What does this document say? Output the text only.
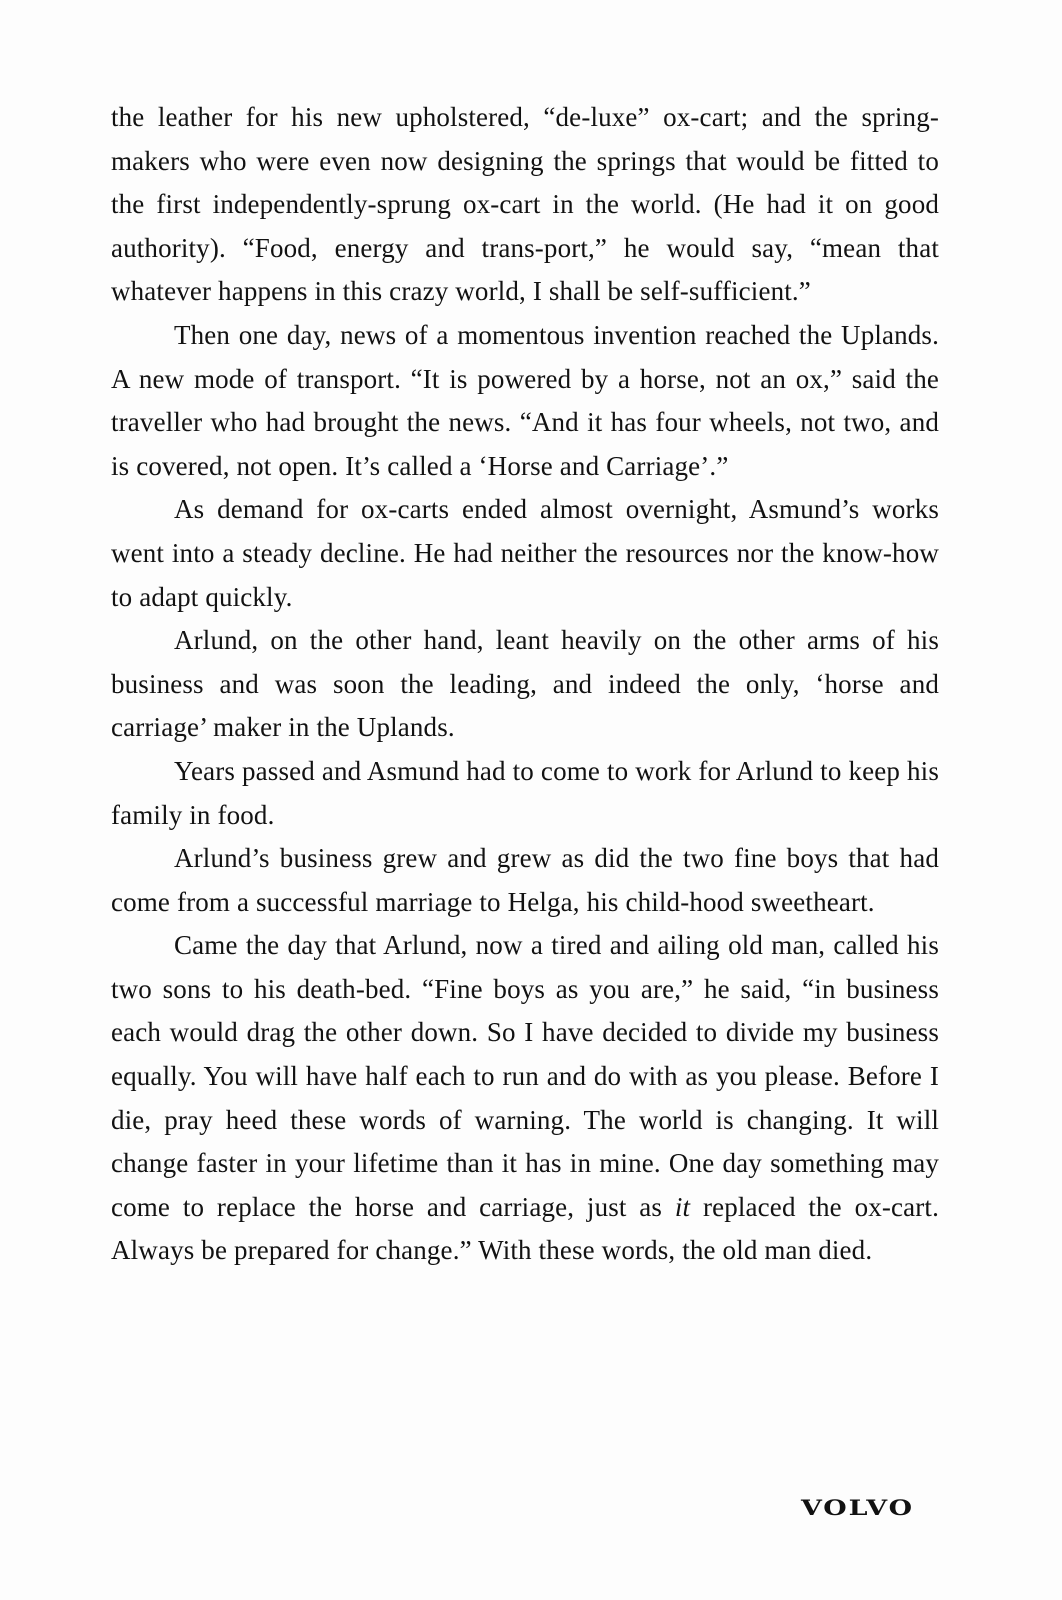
the leather for his new upholstered, “de-luxe” ox-cart; and the spring-makers who were even now designing the springs that would be fitted to the first independently-sprung ox-cart in the world. (He had it on good authority). “Food, energy and trans-port,” he would say, “mean that whatever happens in this crazy world, I shall be self-sufficient.”

Then one day, news of a momentous invention reached the Uplands. A new mode of transport. “It is powered by a horse, not an ox,” said the traveller who had brought the news. “And it has four wheels, not two, and is covered, not open. It’s called a ‘Horse and Carriage’.”

As demand for ox-carts ended almost overnight, Asmund’s works went into a steady decline. He had neither the resources nor the know-how to adapt quickly.

Arlund, on the other hand, leant heavily on the other arms of his business and was soon the leading, and indeed the only, ‘horse and carriage’ maker in the Uplands.

Years passed and Asmund had to come to work for Arlund to keep his family in food.

Arlund’s business grew and grew as did the two fine boys that had come from a successful marriage to Helga, his child-hood sweetheart.

Came the day that Arlund, now a tired and ailing old man, called his two sons to his death-bed. “Fine boys as you are,” he said, “in business each would drag the other down. So I have decided to divide my business equally. You will have half each to run and do with as you please. Before I die, pray heed these words of warning. The world is changing. It will change faster in your lifetime than it has in mine. One day something may come to replace the horse and carriage, just as it replaced the ox-cart. Always be prepared for change.” With these words, the old man died.

VOLVO
